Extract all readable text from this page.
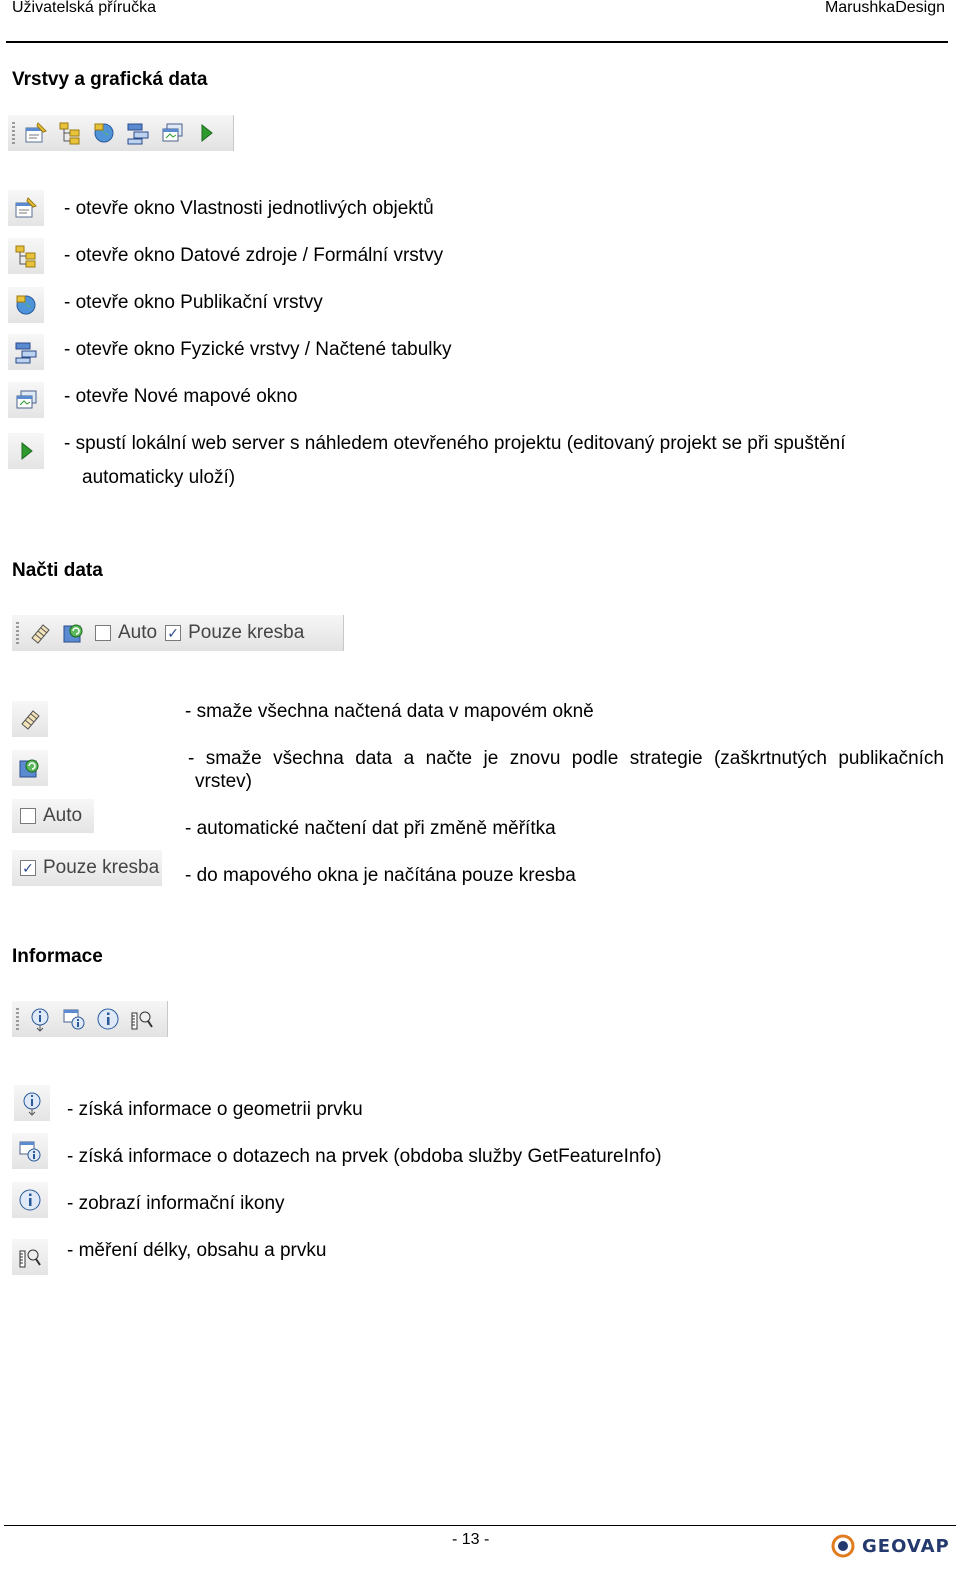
Uživatelská příručka	MarushkaDesign
Vrstvy a grafická data
- otevře okno Vlastnosti jednotlivých objektů
- otevře okno Datové zdroje / Formální vrstvy
- otevře okno Publikační vrstvy
- otevře okno Fyzické vrstvy / Načtené tabulky
- otevře Nové mapové okno
- spustí lokální web server s náhledem otevřeného projektu (editovaný projekt se při spuštění
automaticky uloží)
Načti data
Auto ✓ Pouze kresba
- smaže všechna načtená data v mapovém okně
- smaže všechna data a načte je znovu podle strategie (zaškrtnutých publikačních
vrstev)
Auto
- automatické načtení dat při změně měřítka
✓ Pouze kresba - do mapového okna je načítána pouze kresba
Informace
- získá informace o geometrii prvku
- získá informace o dotazech na prvek (obdoba služby GetFeatureInfo)
- zobrazí informační ikony
- měření délky, obsahu a prvku
- 13 -	GEOVAP
